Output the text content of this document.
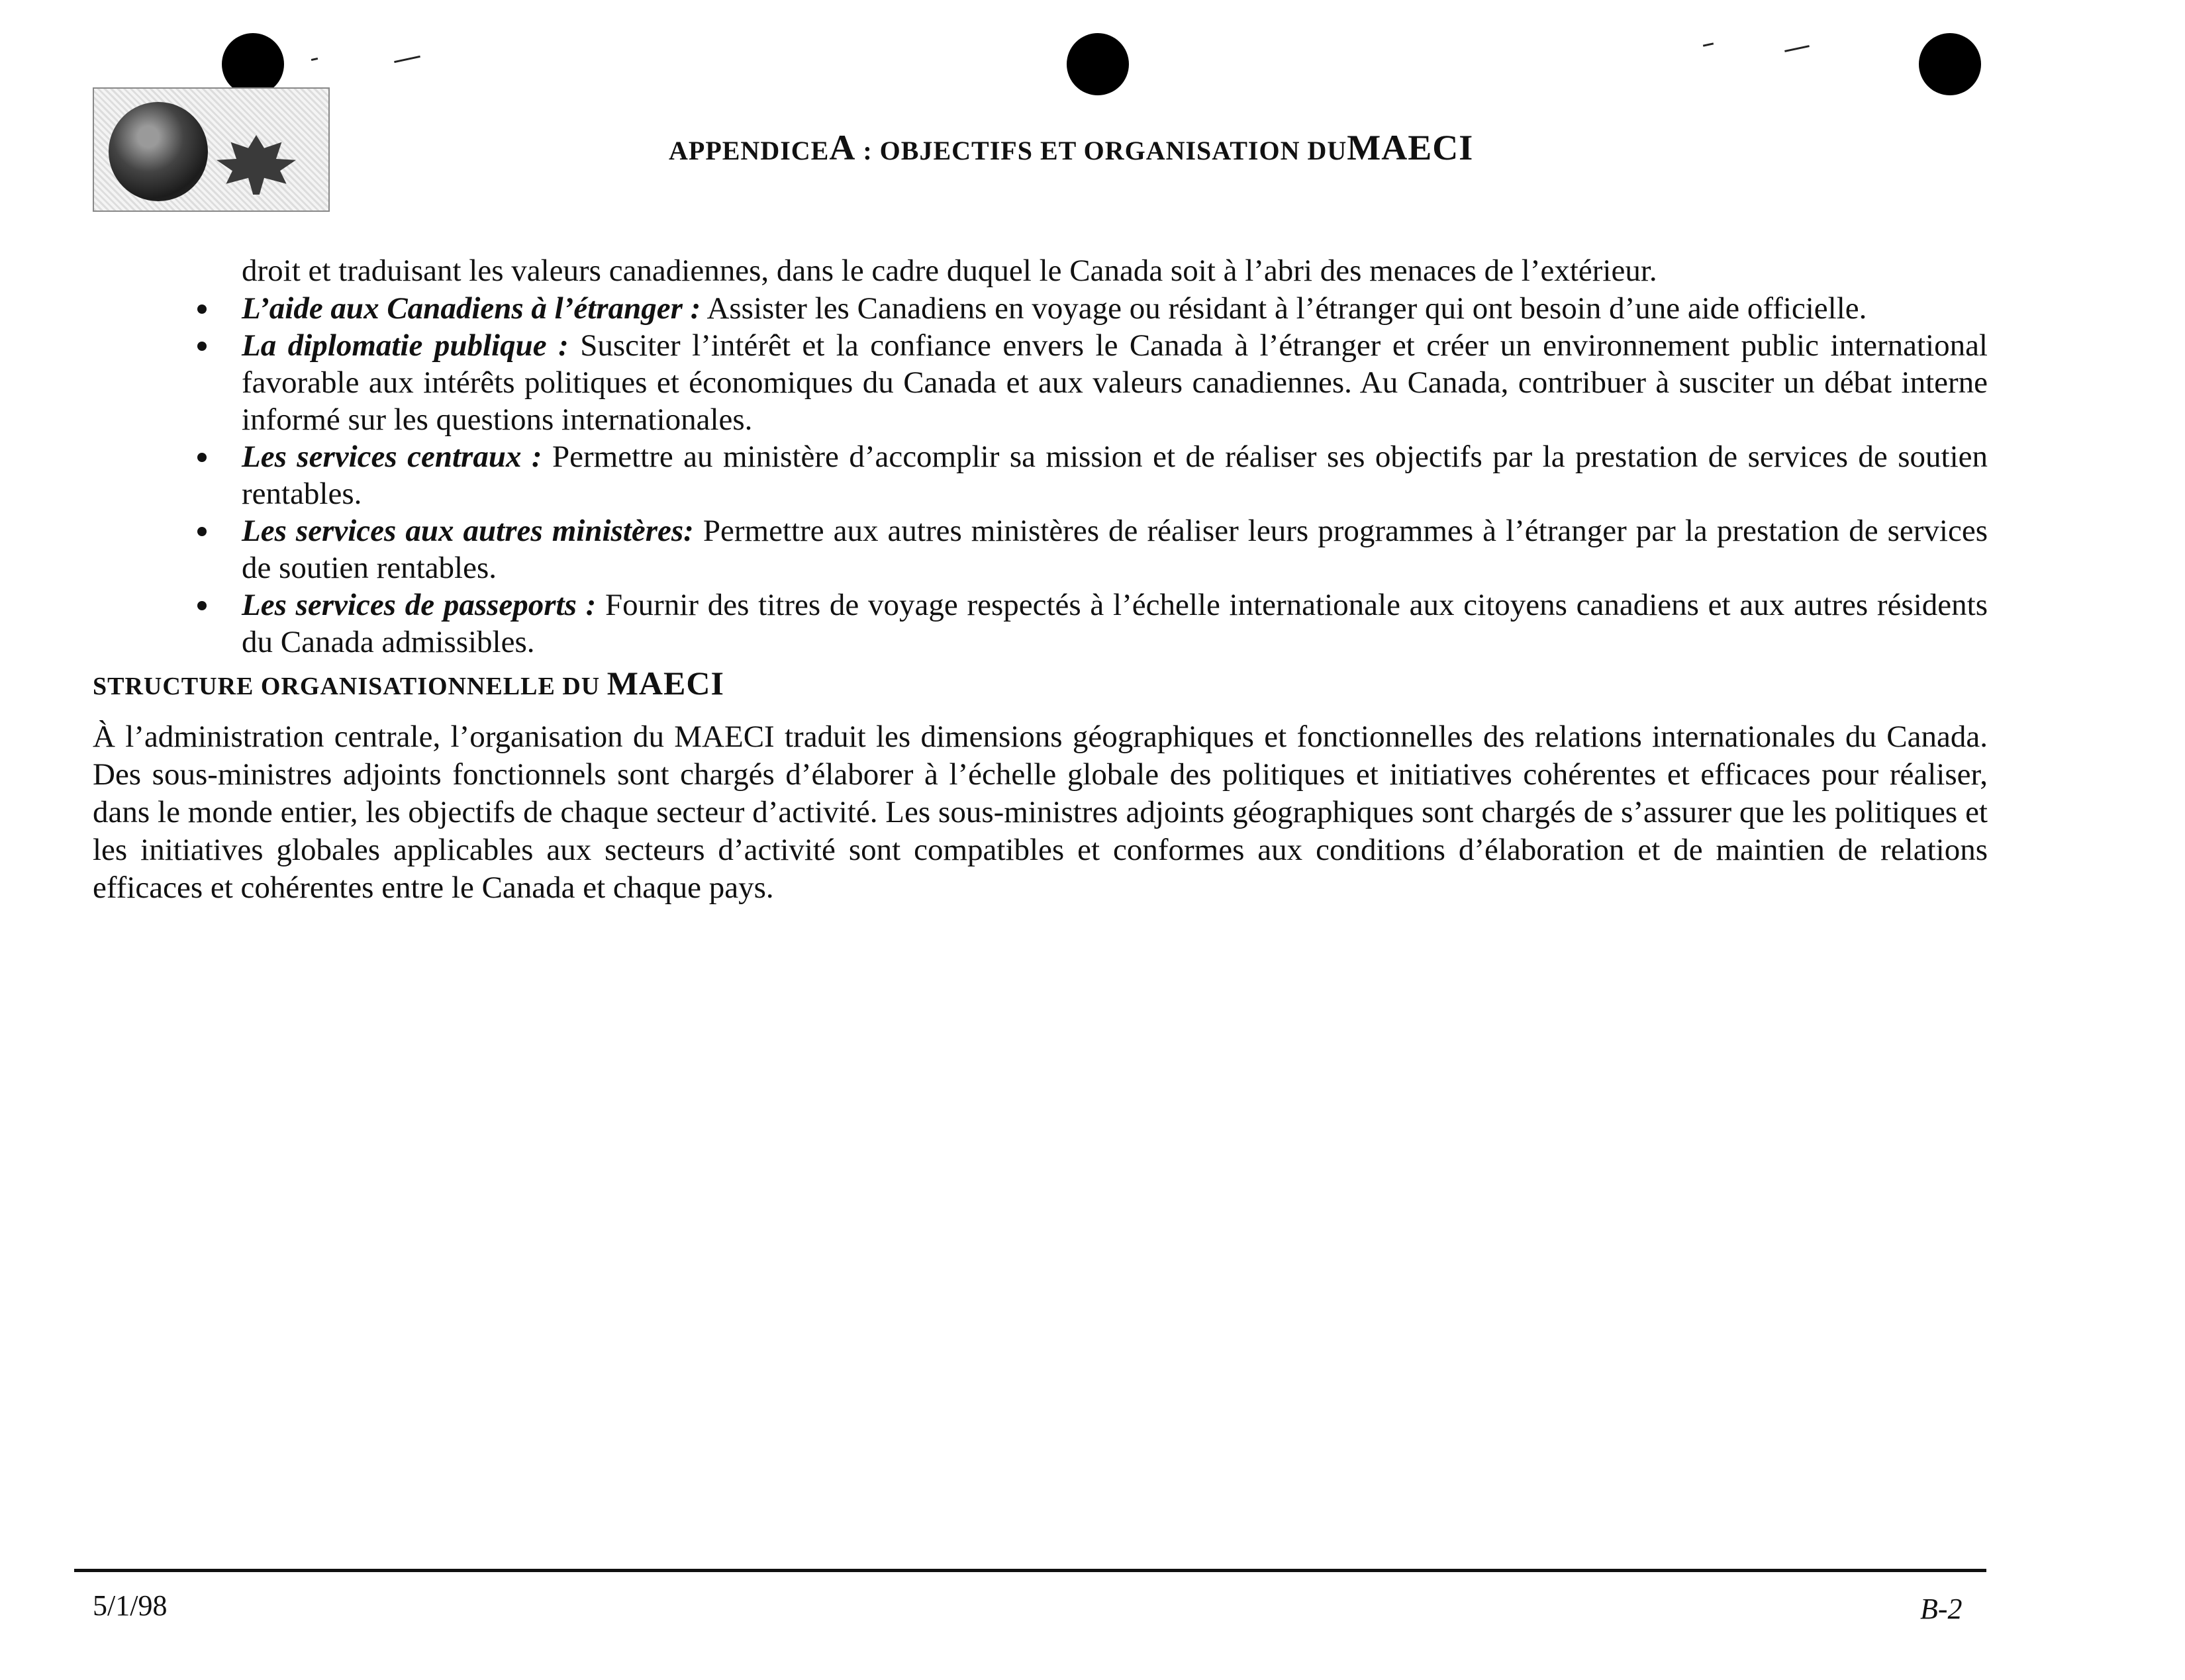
APPENDICEA : OBJECTIFS ET ORGANISATION DUMAECI

droit et traduisant les valeurs canadiennes, dans le cadre duquel le Canada soit à l’abri des menaces de l’extérieur.

L’aide aux Canadiens à l’étranger : Assister les Canadiens en voyage ou résidant à l’étranger qui ont besoin d’une aide officielle.
La diplomatie publique : Susciter l’intérêt et la confiance envers le Canada à l’étranger et créer un environnement public international favorable aux intérêts politiques et économiques du Canada et aux valeurs canadiennes. Au Canada, contribuer à susciter un débat interne informé sur les questions internationales.
Les services centraux : Permettre au ministère d’accomplir sa mission et de réaliser ses objectifs par la prestation de services de soutien rentables.
Les services aux autres ministères: Permettre aux autres ministères de réaliser leurs programmes à l’étranger par la prestation de services de soutien rentables.
Les services de passeports : Fournir des titres de voyage respectés à l’échelle internationale aux citoyens canadiens et aux autres résidents du Canada admissibles.
STRUCTURE ORGANISATIONNELLE DU MAECI

À l’administration centrale, l’organisation du MAECI traduit les dimensions géographiques et fonctionnelles des relations internationales du Canada. Des sous-ministres adjoints fonctionnels sont chargés d’élaborer à l’échelle globale des politiques et initiatives cohérentes et efficaces pour réaliser, dans le monde entier, les objectifs de chaque secteur d’activité. Les sous-ministres adjoints géographiques sont chargés de s’assurer que les politiques et les initiatives globales applicables aux secteurs d’activité sont compatibles et conformes aux conditions d’élaboration et de maintien de relations efficaces et cohérentes entre le Canada et chaque pays.

5/1/98	B-2
